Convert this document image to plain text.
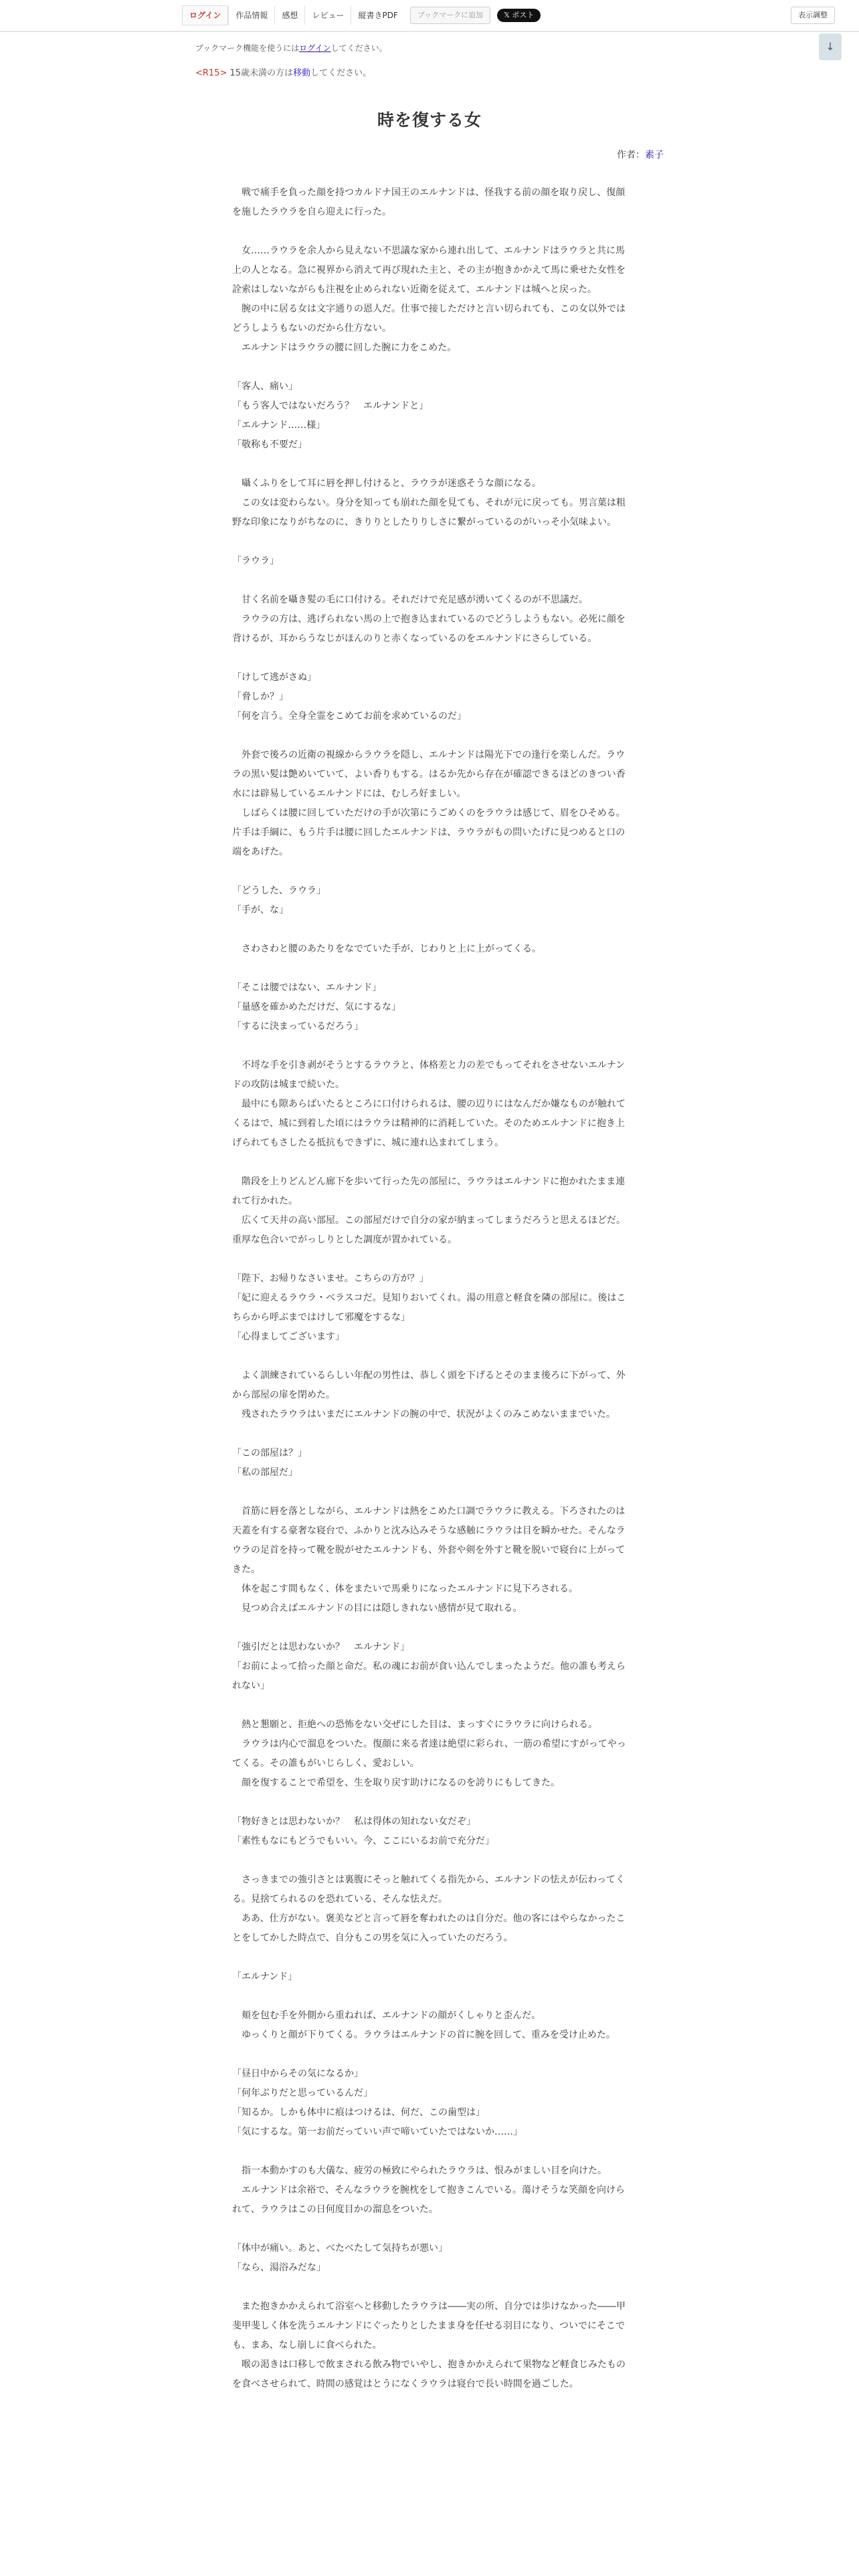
ログイン	作品情報	感想	レビュー	縦書きPDF	ブックマークに追加	𝕏 ポスト	表示調整
↓
ブックマーク機能を使うにはログインしてください。
<R15> 15歳未満の方は移動してください。
時を復する女
作者：素子

　戦で痛手を負った顔を持つカルドナ国王のエルナンドは、怪我する前の顔を取り戻し、復顔を施したラウラを自ら迎えに行った。

　女……ラウラを余人から見えない不思議な家から連れ出して、エルナンドはラウラと共に馬上の人となる。急に視界から消えて再び現れた主と、その主が抱きかかえて馬に乗せた女性を詮索はしないながらも注視を止められない近衛を従えて、エルナンドは城へと戻った。
　腕の中に居る女は文字通りの恩人だ。仕事で接しただけと言い切られても、この女以外ではどうしようもないのだから仕方ない。
　エルナンドはラウラの腰に回した腕に力をこめた。

「客人、痛い」
「もう客人ではないだろう？　エルナンドと」
「エルナンド……様」
「敬称も不要だ」

　囁くふりをして耳に唇を押し付けると、ラウラが迷惑そうな顔になる。
　この女は変わらない。身分を知っても崩れた顔を見ても、それが元に戻っても。男言葉は粗野な印象になりがちなのに、きりりとしたりりしさに繋がっているのがいっそ小気味よい。

「ラウラ」

　甘く名前を囁き髪の毛に口付ける。それだけで充足感が湧いてくるのが不思議だ。
　ラウラの方は、逃げられない馬の上で抱き込まれているのでどうしようもない。必死に顔を背けるが、耳からうなじがほんのりと赤くなっているのをエルナンドにさらしている。

「けして逃がさぬ」
「脅しか？」
「何を言う。全身全霊をこめてお前を求めているのだ」

　外套で後ろの近衛の視線からラウラを隠し、エルナンドは陽光下での逢行を楽しんだ。ラウラの黒い髪は艶めいていて、よい香りもする。はるか先から存在が確認できるほどのきつい香水には辟易しているエルナンドには、むしろ好ましい。
　しばらくは腰に回していただけの手が次第にうごめくのをラウラは感じて、眉をひそめる。片手は手綱に、もう片手は腰に回したエルナンドは、ラウラがもの問いたげに見つめると口の端をあげた。

「どうした、ラウラ」
「手が、な」

　さわさわと腰のあたりをなでていた手が、じわりと上に上がってくる。

「そこは腰ではない、エルナンド」
「量感を確かめただけだ、気にするな」
「するに決まっているだろう」

　不埒な手を引き剥がそうとするラウラと、体格差と力の差でもってそれをさせないエルナンドの攻防は城まで続いた。
　最中にも隙あらばいたるところに口付けられるは、腰の辺りにはなんだか嫌なものが触れてくるはで、城に到着した頃にはラウラは精神的に消耗していた。そのためエルナンドに抱き上げられてもさしたる抵抗もできずに、城に連れ込まれてしまう。

　階段を上りどんどん廊下を歩いて行った先の部屋に、ラウラはエルナンドに抱かれたまま連れて行かれた。
　広くて天井の高い部屋。この部屋だけで自分の家が納まってしまうだろうと思えるほどだ。重厚な色合いでがっしりとした調度が置かれている。

「陛下、お帰りなさいませ。こちらの方が？」
「妃に迎えるラウラ・ベラスコだ。見知りおいてくれ。湯の用意と軽食を隣の部屋に。後はこちらから呼ぶまではけして邪魔をするな」
「心得ましてございます」

　よく訓練されているらしい年配の男性は、恭しく頭を下げるとそのまま後ろに下がって、外から部屋の扉を閉めた。
　残されたラウラはいまだにエルナンドの腕の中で、状況がよくのみこめないままでいた。

「この部屋は？」
「私の部屋だ」

　首筋に唇を落としながら、エルナンドは熱をこめた口調でラウラに教える。下ろされたのは天蓋を有する豪奢な寝台で、ふかりと沈み込みそうな感触にラウラは目を瞬かせた。そんなラウラの足首を持って靴を脱がせたエルナンドも、外套や剣を外すと靴を脱いで寝台に上がってきた。
　体を起こす間もなく、体をまたいで馬乗りになったエルナンドに見下ろされる。
　見つめ合えばエルナンドの目には隠しきれない感情が見て取れる。

「強引だとは思わないか？　エルナンド」
「お前によって拾った顔と命だ。私の魂にお前が食い込んでしまったようだ。他の誰も考えられない」

　熱と懇願と、拒絶への恐怖をない交ぜにした目は、まっすぐにラウラに向けられる。
　ラウラは内心で溜息をついた。復顔に来る者達は絶望に彩られ、一筋の希望にすがってやってくる。その誰もがいじらしく、愛おしい。
　顔を復することで希望を、生を取り戻す助けになるのを誇りにもしてきた。

「物好きとは思わないか？　私は得体の知れない女だぞ」
「素性もなにもどうでもいい。今、ここにいるお前で充分だ」

　さっきまでの強引さとは裏腹にそっと触れてくる指先から、エルナンドの怯えが伝わってくる。見捨てられるのを恐れている、そんな怯えだ。
　ああ、仕方がない。褒美などと言って唇を奪われたのは自分だ。他の客にはやらなかったことをしてかした時点で、自分もこの男を気に入っていたのだろう。

「エルナンド」

　頬を包む手を外側から重ねれば、エルナンドの顔がくしゃりと歪んだ。
　ゆっくりと顔が下りてくる。ラウラはエルナンドの首に腕を回して、重みを受け止めた。

「昼日中からその気になるか」
「何年ぶりだと思っているんだ」
「知るか。しかも体中に痕はつけるは、何だ、この歯型は」
「気にするな。第一お前だっていい声で啼いていたではないか……」

　指一本動かすのも大儀な、疲労の極致にやられたラウラは、恨みがましい目を向けた。
　エルナンドは余裕で、そんなラウラを腕枕をして抱きこんでいる。蕩けそうな笑顔を向けられて、ラウラはこの日何度目かの溜息をついた。

「体中が痛い。あと、べたべたして気持ちが悪い」
「なら、湯浴みだな」

　また抱きかかえられて浴室へと移動したラウラは――実の所、自分では歩けなかった――甲斐甲斐しく体を洗うエルナンドにぐったりとしたまま身を任せる羽目になり、ついでにそこでも、まあ、なし崩しに食べられた。
　喉の渇きは口移しで飲まされる飲み物でいやし、抱きかかえられて果物など軽食じみたものを食べさせられて、時間の感覚はとうになくラウラは寝台で長い時間を過ごした。
